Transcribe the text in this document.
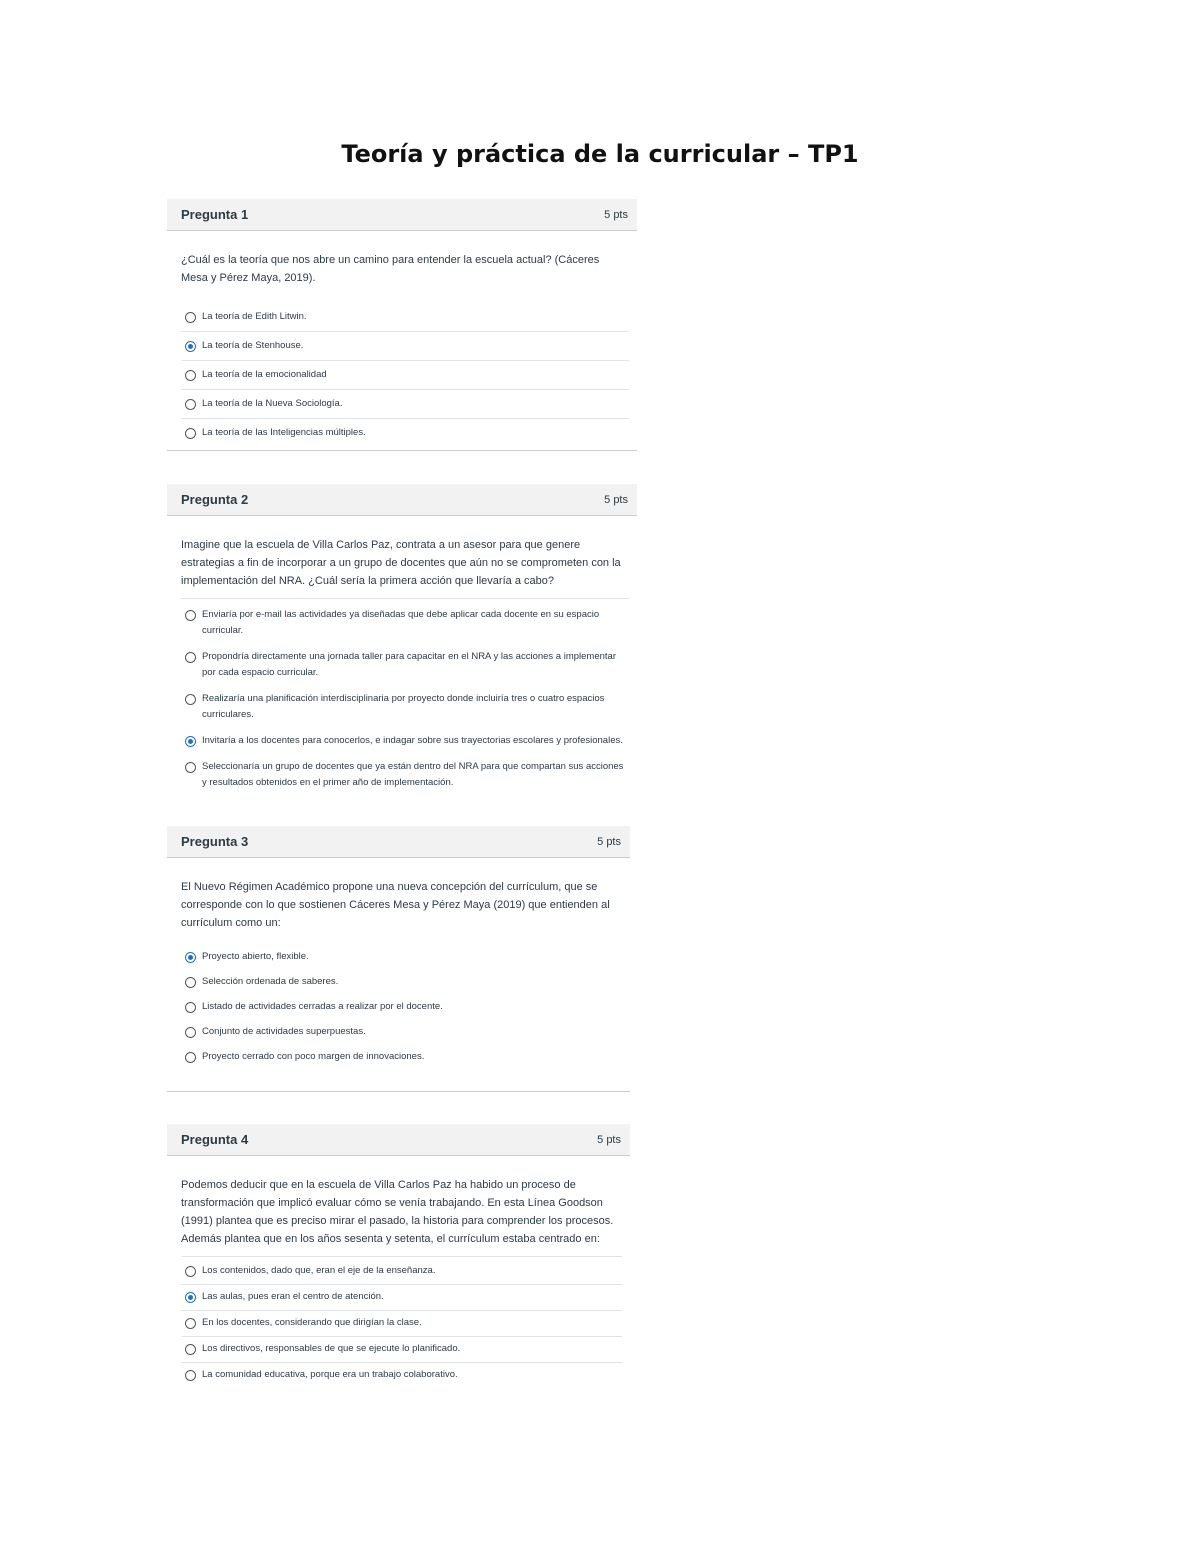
Teoría y práctica de la curricular – TP1
Pregunta 1	5 pts
¿Cuál es la teoría que nos abre un camino para entender la escuela actual? (Cáceres Mesa y Pérez Maya, 2019).
La teoría de Edith Litwin.
La teoría de Stenhouse.
La teoría de la emocionalidad
La teoría de la Nueva Sociología.
La teoría de las Inteligencias múltiples.
Pregunta 2	5 pts
Imagine que la escuela de Villa Carlos Paz, contrata a un asesor para que genere estrategias a fin de incorporar a un grupo de docentes que aún no se comprometen con la implementación del NRA. ¿Cuál sería la primera acción que llevaría a cabo?
Enviaría por e-mail las actividades ya diseñadas que debe aplicar cada docente en su espacio curricular.
Propondría directamente una jornada taller para capacitar en el NRA y las acciones a implementar por cada espacio curricular.
Realizaría una planificación interdisciplinaria por proyecto donde incluiría tres o cuatro espacios curriculares.
Invitaría a los docentes para conocerlos, e indagar sobre sus trayectorias escolares y profesionales.
Seleccionaría un grupo de docentes que ya están dentro del NRA para que compartan sus acciones y resultados obtenidos en el primer año de implementación.
Pregunta 3	5 pts
El Nuevo Régimen Académico propone una nueva concepción del currículum, que se corresponde con lo que sostienen Cáceres Mesa y Pérez Maya (2019) que entienden al currículum como un:
Proyecto abierto, flexible.
Selección ordenada de saberes.
Listado de actividades cerradas a realizar por el docente.
Conjunto de actividades superpuestas.
Proyecto cerrado con poco margen de innovaciones.
Pregunta 4	5 pts
Podemos deducir que en la escuela de Villa Carlos Paz ha habido un proceso de transformación que implicó evaluar cómo se venía trabajando. En esta Línea Goodson (1991) plantea que es preciso mirar el pasado, la historia para comprender los procesos. Además plantea que en los años sesenta y setenta, el currículum estaba centrado en:
Los contenidos, dado que, eran el eje de la enseñanza.
Las aulas, pues eran el centro de atención.
En los docentes, considerando que dirigían la clase.
Los directivos, responsables de que se ejecute lo planificado.
La comunidad educativa, porque era un trabajo colaborativo.
